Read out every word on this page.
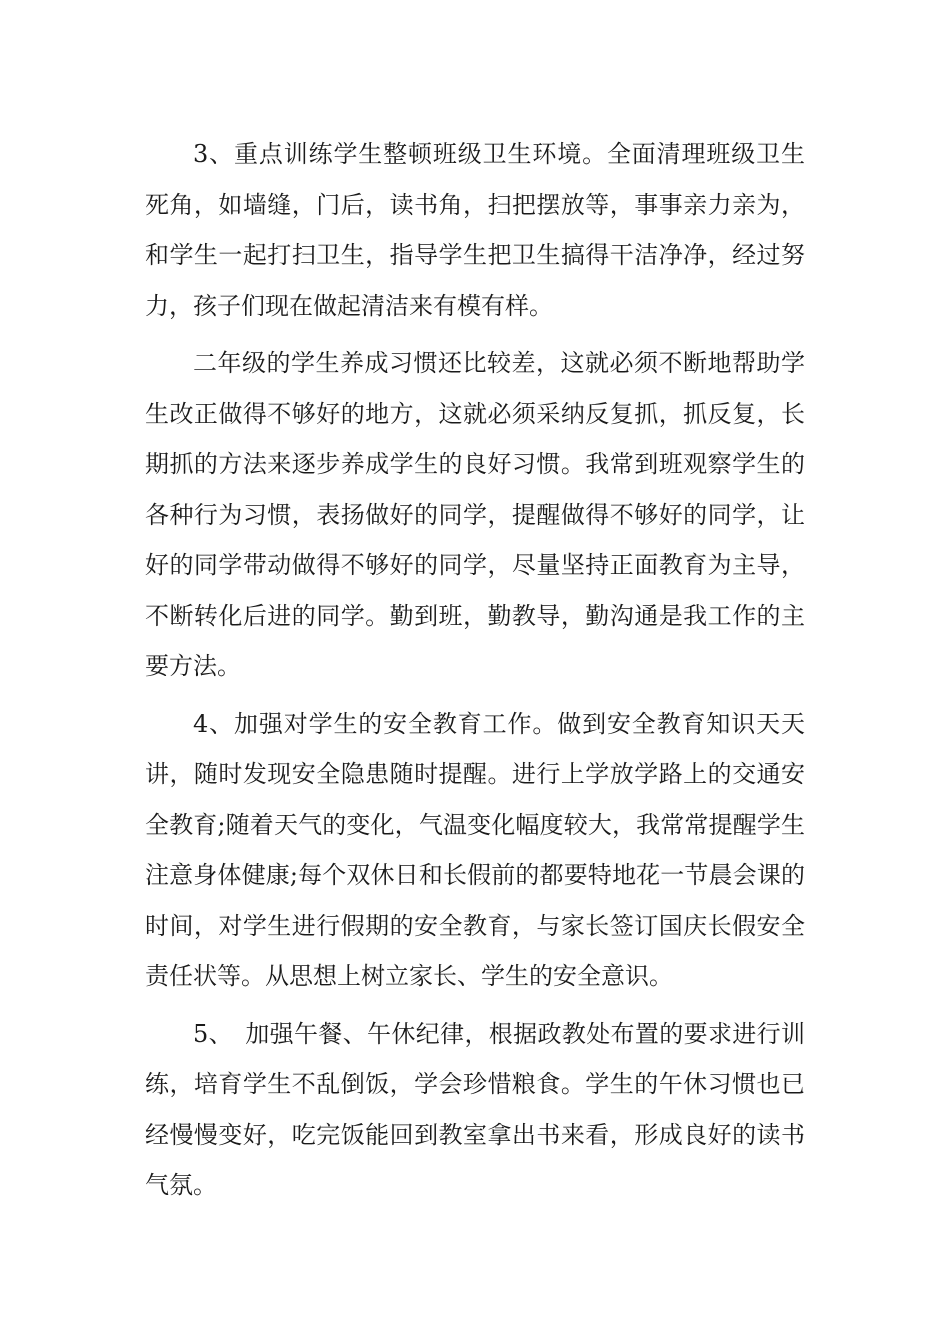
3、重点训练学生整顿班级卫生环境。全面清理班级卫生死角，如墙缝，门后，读书角，扫把摆放等，事事亲力亲为，和学生一起打扫卫生，指导学生把卫生搞得干洁净净，经过努力，孩子们现在做起清洁来有模有样。

二年级的学生养成习惯还比较差，这就必须不断地帮助学生改正做得不够好的地方，这就必须采纳反复抓，抓反复，长期抓的方法来逐步养成学生的良好习惯。我常到班观察学生的各种行为习惯，表扬做好的同学，提醒做得不够好的同学，让好的同学带动做得不够好的同学，尽量坚持正面教育为主导，不断转化后进的同学。勤到班，勤教导，勤沟通是我工作的主要方法。

4、加强对学生的安全教育工作。做到安全教育知识天天讲，随时发现安全隐患随时提醒。进行上学放学路上的交通安全教育;随着天气的变化，气温变化幅度较大，我常常提醒学生注意身体健康;每个双休日和长假前的都要特地花一节晨会课的时间，对学生进行假期的安全教育，与家长签订国庆长假安全责任状等。从思想上树立家长、学生的安全意识。

5、　加强午餐、午休纪律，根据政教处布置的要求进行训练，培育学生不乱倒饭，学会珍惜粮食。学生的午休习惯也已经慢慢变好，吃完饭能回到教室拿出书来看，形成良好的读书气氛。
